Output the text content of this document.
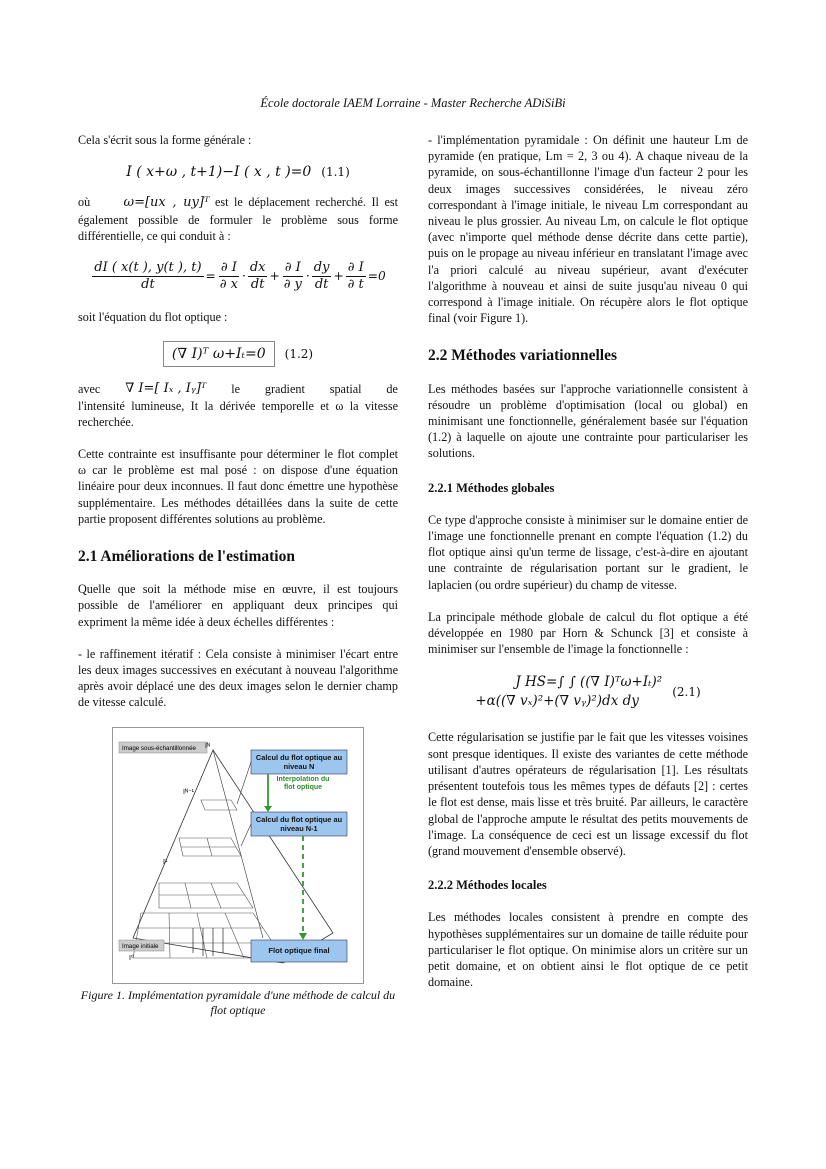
École doctorale IAEM Lorraine - Master Recherche ADiSiBi

Cela s'écrit sous la forme générale :

I ( x+ω , t+1)−I ( x , t )=0 (1.1)

où	ω=[ux , uy]ᵀ est le déplacement recherché. Il est également possible de formuler le problème sous forme différentielle, ce qui conduit à :

$\frac{dI ( x(t ), y(t ), t)}{dt} = \frac{\partial I}{\partial x} \cdot \frac{dx}{dt} + \frac{\partial I}{\partial y} \cdot \frac{dy}{dt} + \frac{\partial I}{\partial t} =0$

soit l'équation du flot optique :

(∇ I)ᵀ ω+Iₜ=0 (1.2)
avec ∇ I=[ Iₓ , Iᵧ]ᵀ le gradient spatial de
l'intensité lumineuse, It la dérivée temporelle et ω la vitesse recherchée.

Cette contrainte est insuffisante pour déterminer le flot complet ω car le problème est mal posé : on dispose d'une équation linéaire pour deux inconnues. Il faut donc émettre une hypothèse supplémentaire. Les méthodes détaillées dans la suite de cette partie proposent différentes solutions au problème.

2.1 Améliorations de l'estimation

Quelle que soit la méthode mise en œuvre, il est toujours possible de l'améliorer en appliquant deux principes qui expriment la même idée à deux échelles différentes :

- le raffinement itératif : Cela consiste à minimiser l'écart entre les deux images successives en exécutant à nouveau l'algorithme après avoir déplacé une des deux images selon le dernier champ de vitesse calculé.

Image sous-échantillonnée
Image initiale
Iᴺ
Iᴺ⁻¹
I¹
I⁰
Calcul du flot optique au niveau N
Calcul du flot optique au niveau N-1
Flot optique final
Interpolation du flot optique
Figure 1. Implémentation pyramidale d'une méthode de calcul du flot optique

- l'implémentation pyramidale : On définit une hauteur Lm de pyramide (en pratique, Lm = 2, 3 ou 4). A chaque niveau de la pyramide, on sous-échantillonne l'image d'un facteur 2 pour les deux images successives considérées, le niveau zéro correspondant à l'image initiale, le niveau Lm correspondant au niveau le plus grossier. Au niveau Lm, on calcule le flot optique (avec n'importe quel méthode dense décrite dans cette partie), puis on le propage au niveau inférieur en translatant l'image avec l'a priori calculé au niveau supérieur, avant d'exécuter l'algorithme à nouveau et ainsi de suite jusqu'au niveau 0 qui correspond à l'image initiale. On récupère alors le flot optique final (voir Figure 1).

2.2 Méthodes variationnelles

Les méthodes basées sur l'approche variationnelle consistent à résoudre un problème d'optimisation (local ou global) en minimisant une fonctionnelle, généralement basée sur l'équation (1.2) à laquelle on ajoute une contrainte pour particulariser les solutions.

2.2.1 Méthodes globales

Ce type d'approche consiste à minimiser sur le domaine entier de l'image une fonctionnelle prenant en compte l'équation (1.2) du flot optique ainsi qu'un terme de lissage, c'est-à-dire en ajoutant une contrainte de régularisation portant sur le gradient, le laplacien (ou ordre supérieur) du champ de vitesse.

La principale méthode globale de calcul du flot optique a été développée en 1980 par Horn & Schunck [3] et consiste à minimiser sur l'ensemble de l'image la fonctionnelle :

J HS=∫ ∫ ((∇ I)ᵀω+Iₜ)²
+α((∇ vₓ)²+(∇ vᵧ)²)dx dy
(2.1)

Cette régularisation se justifie par le fait que les vitesses voisines sont presque identiques. Il existe des variantes de cette méthode utilisant d'autres opérateurs de régularisation [1]. Les résultats présentent toutefois tous les mêmes types de défauts [2] : certes le flot est dense, mais lisse et très bruité. Par ailleurs, le caractère global de l'approche ampute le résultat des petits mouvements de l'image. La conséquence de ceci est un lissage excessif du flot (grand mouvement d'ensemble observé).

2.2.2 Méthodes locales

Les méthodes locales consistent à prendre en compte des hypothèses supplémentaires sur un domaine de taille réduite pour particulariser le flot optique. On minimise alors un critère sur un petit domaine, et on obtient ainsi le flot optique de ce petit domaine.
